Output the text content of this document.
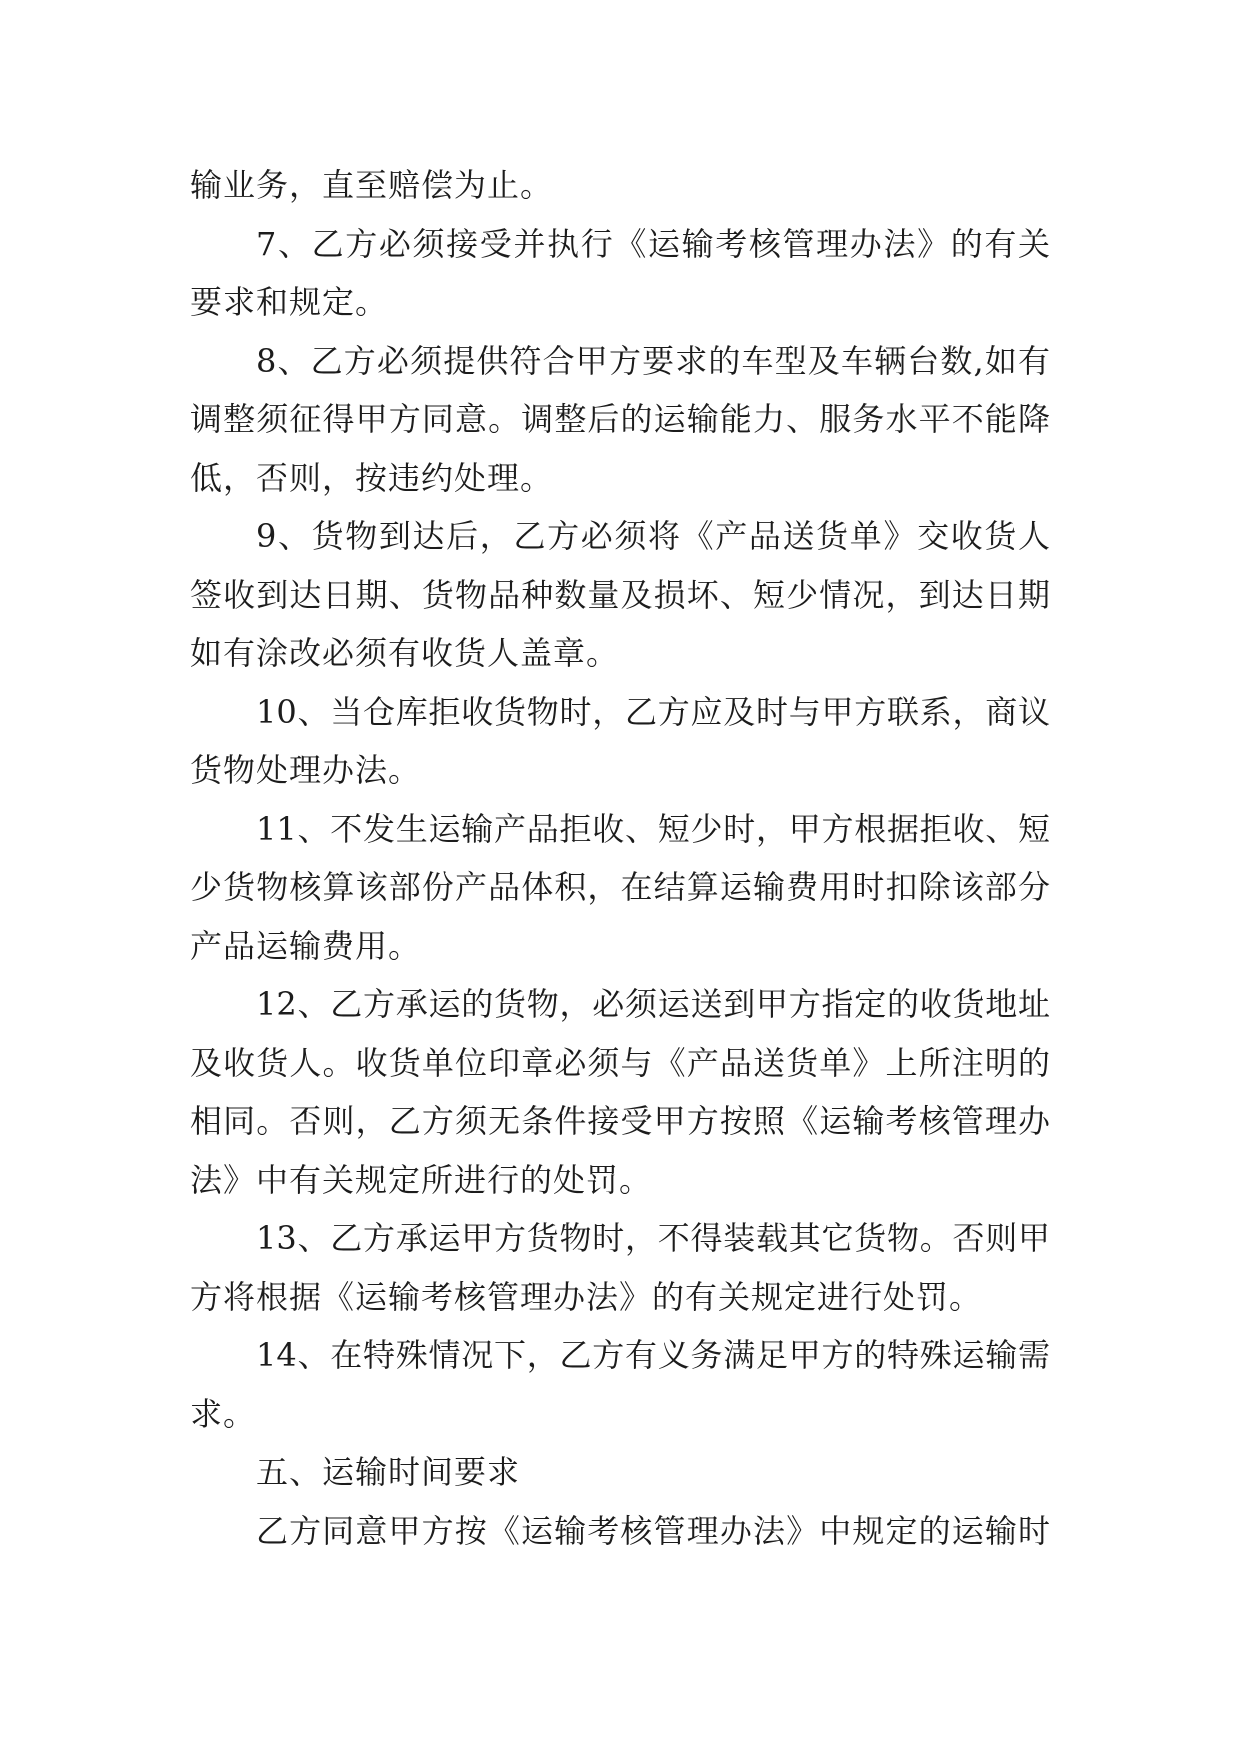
输业务，直至赔偿为止。
7、乙方必须接受并执行《运输考核管理办法》的有关
要求和规定。
8、乙方必须提供符合甲方要求的车型及车辆台数,如有
调整须征得甲方同意。调整后的运输能力、服务水平不能降
低，否则，按违约处理。
9、货物到达后，乙方必须将《产品送货单》交收货人
签收到达日期、货物品种数量及损坏、短少情况，到达日期
如有涂改必须有收货人盖章。
10、当仓库拒收货物时，乙方应及时与甲方联系，商议
货物处理办法。
11、不发生运输产品拒收、短少时，甲方根据拒收、短
少货物核算该部份产品体积，在结算运输费用时扣除该部分
产品运输费用。
12、乙方承运的货物，必须运送到甲方指定的收货地址
及收货人。收货单位印章必须与《产品送货单》上所注明的
相同。否则，乙方须无条件接受甲方按照《运输考核管理办
法》中有关规定所进行的处罚。
13、乙方承运甲方货物时，不得装载其它货物。否则甲
方将根据《运输考核管理办法》的有关规定进行处罚。
14、在特殊情况下，乙方有义务满足甲方的特殊运输需
求。
五、运输时间要求
乙方同意甲方按《运输考核管理办法》中规定的运输时
